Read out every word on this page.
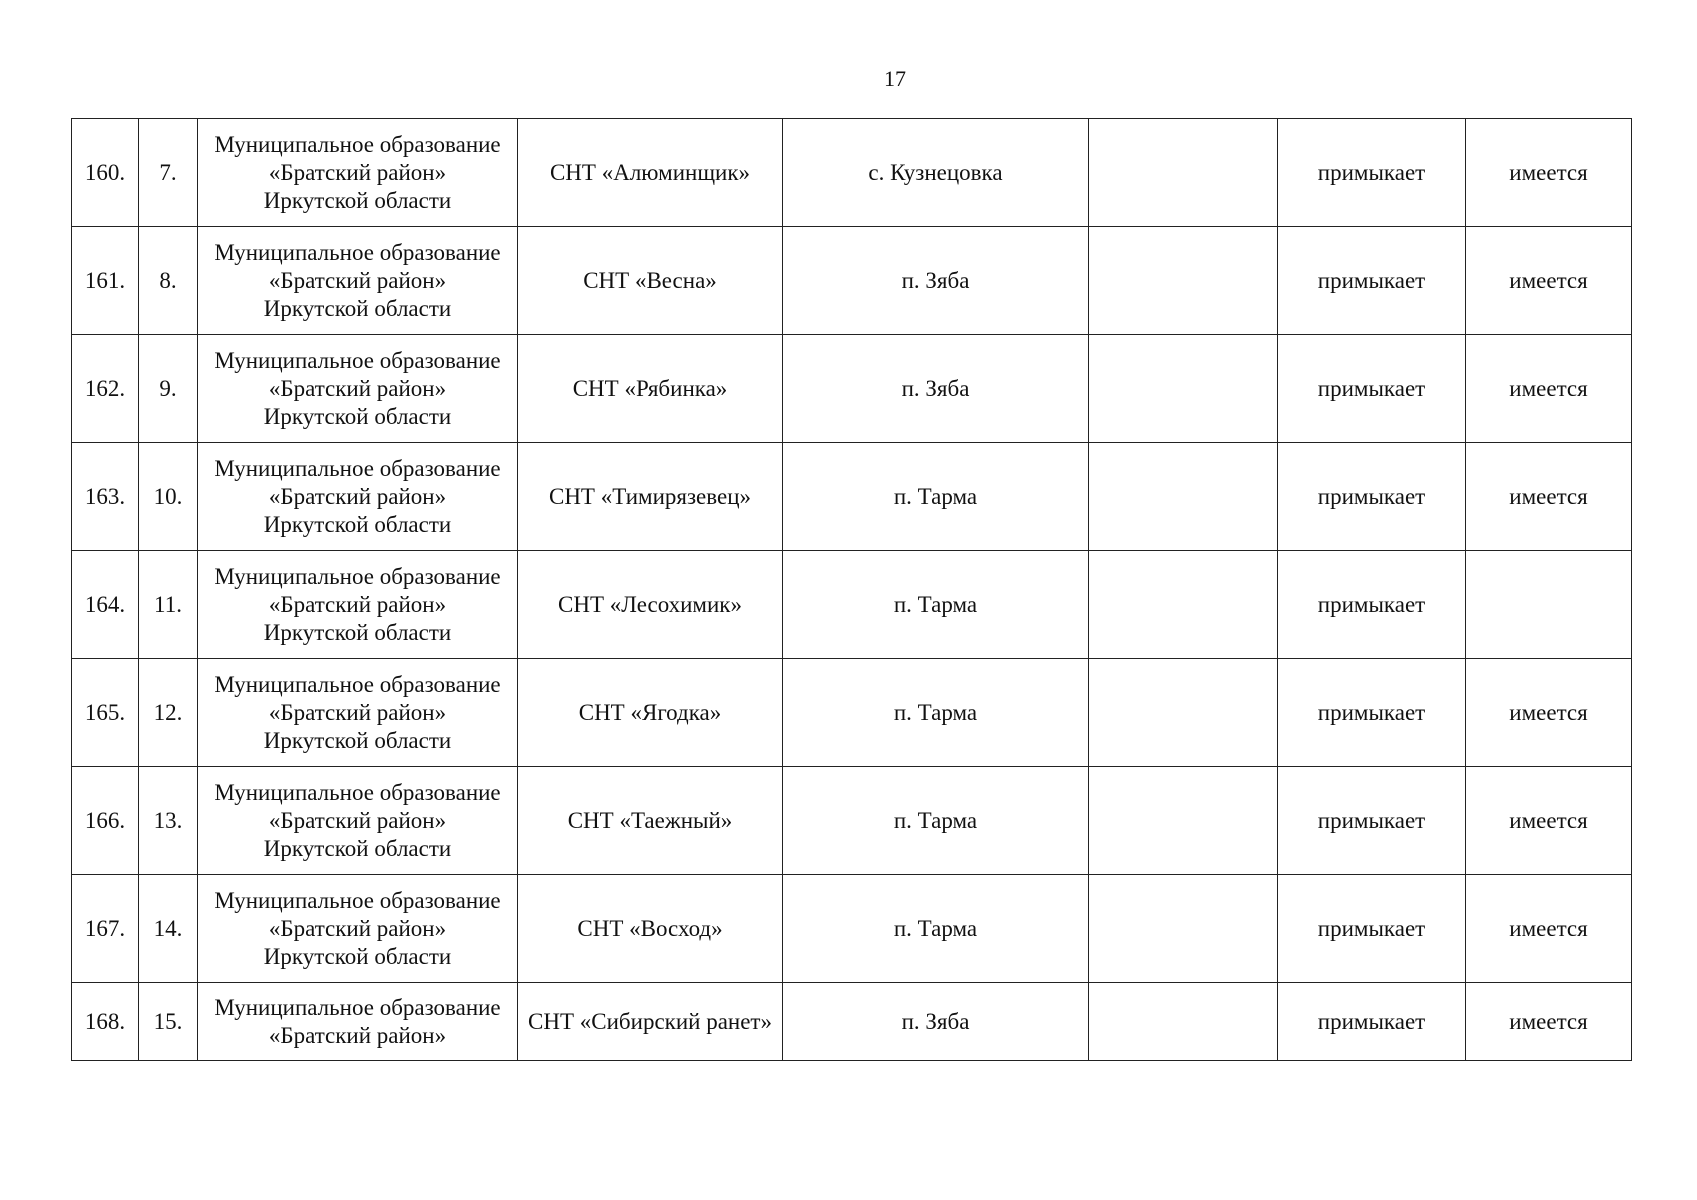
17
160.	7.	Муниципальное образование
«Братский район»
Иркутской области	СНТ «Алюминщик»	с. Кузнецовка		примыкает	имеется
161.	8.	Муниципальное образование
«Братский район»
Иркутской области	СНТ «Весна»	п. Зяба		примыкает	имеется
162.	9.	Муниципальное образование
«Братский район»
Иркутской области	СНТ «Рябинка»	п. Зяба		примыкает	имеется
163.	10.	Муниципальное образование
«Братский район»
Иркутской области	СНТ «Тимирязевец»	п. Тарма		примыкает	имеется
164.	11.	Муниципальное образование
«Братский район»
Иркутской области	СНТ «Лесохимик»	п. Тарма		примыкает	
165.	12.	Муниципальное образование
«Братский район»
Иркутской области	СНТ «Ягодка»	п. Тарма		примыкает	имеется
166.	13.	Муниципальное образование
«Братский район»
Иркутской области	СНТ «Таежный»	п. Тарма		примыкает	имеется
167.	14.	Муниципальное образование
«Братский район»
Иркутской области	СНТ «Восход»	п. Тарма		примыкает	имеется
168.	15.	Муниципальное образование
«Братский район»	СНТ «Сибирский ранет»	п. Зяба		примыкает	имеется
